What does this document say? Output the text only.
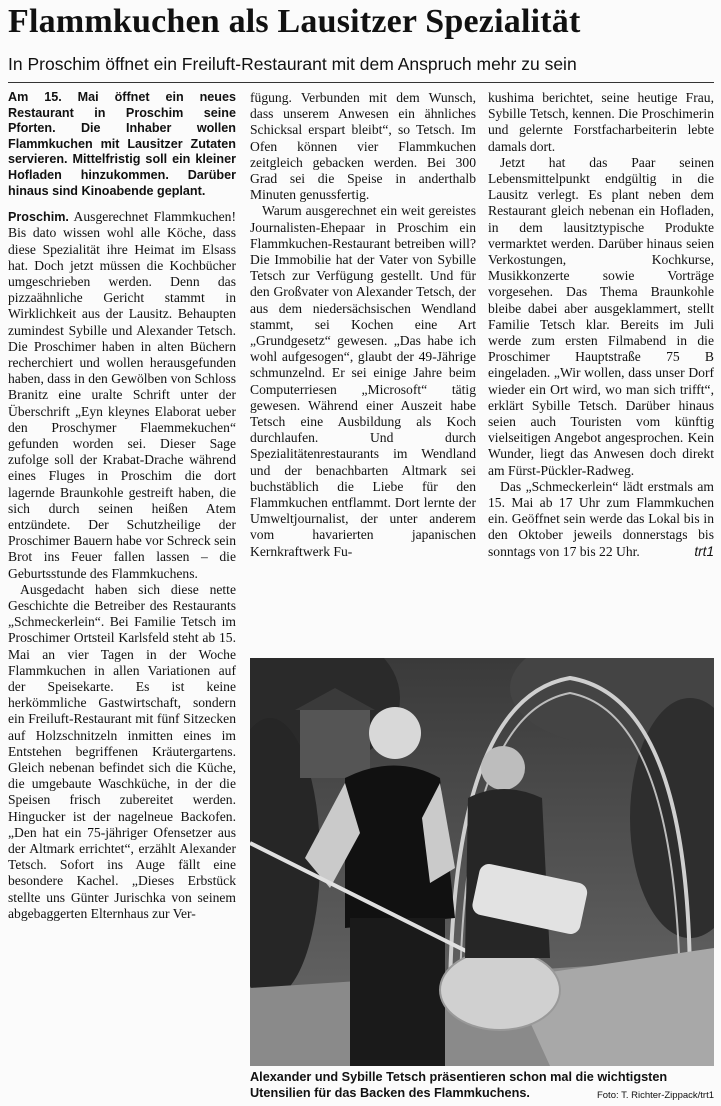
Flammkuchen als Lausitzer Spezialität
In Proschim öffnet ein Freiluft-Restaurant mit dem Anspruch mehr zu sein
Am 15. Mai öffnet ein neues Restaurant in Proschim seine Pforten. Die Inhaber wollen Flammkuchen mit Lausitzer Zutaten servieren. Mittelfristig soll ein kleiner Hofladen hinzukommen. Darüber hinaus sind Kinoabende geplant.

Proschim. Ausgerechnet Flammkuchen! Bis dato wissen wohl alle Köche, dass diese Spezialität ihre Heimat im Elsass hat. Doch jetzt müssen die Kochbücher umgeschrieben werden. Denn das pizzaähnliche Gericht stammt in Wirklichkeit aus der Lausitz. Behaupten zumindest Sybille und Alexander Tetsch. Die Proschimer haben in alten Büchern recherchiert und wollen herausgefunden haben, dass in den Gewölben von Schloss Branitz eine uralte Schrift unter der Überschrift „Eyn kleynes Elaborat ueber den Proschymer Flaemmekuchen“ gefunden worden sei. Dieser Sage zufolge soll der Krabat-Drache während eines Fluges in Proschim die dort lagernde Braunkohle gestreift haben, die sich durch seinen heißen Atem entzündete. Der Schutzheilige der Proschimer Bauern habe vor Schreck sein Brot ins Feuer fallen lassen – die Geburtsstunde des Flammkuchens.

Ausgedacht haben sich diese nette Geschichte die Betreiber des Restaurants „Schmeckerlein“. Bei Familie Tetsch im Proschimer Ortsteil Karlsfeld steht ab 15. Mai an vier Tagen in der Woche Flammkuchen in allen Variationen auf der Speisekarte. Es ist keine herkömmliche Gastwirtschaft, sondern ein Freiluft-Restaurant mit fünf Sitzecken auf Holzschnitzeln inmitten eines im Entstehen begriffenen Kräutergartens. Gleich nebenan befindet sich die Küche, die umgebaute Waschküche, in der die Speisen frisch zubereitet werden. Hingucker ist der nagelneue Backofen. „Den hat ein 75-jähriger Ofensetzer aus der Altmark errichtet“, erzählt Alexander Tetsch. Sofort ins Auge fällt eine besondere Kachel. „Dieses Erbstück stellte uns Günter Jurischka von seinem abgebaggerten Elternhaus zur Ver-

fügung. Verbunden mit dem Wunsch, dass unserem Anwesen ein ähnliches Schicksal erspart bleibt“, so Tetsch. Im Ofen können vier Flammkuchen zeitgleich gebacken werden. Bei 300 Grad sei die Speise in anderthalb Minuten genussfertig.

Warum ausgerechnet ein weit gereistes Journalisten-Ehepaar in Proschim ein Flammkuchen-Restaurant betreiben will? Die Immobilie hat der Vater von Sybille Tetsch zur Verfügung gestellt. Und für den Großvater von Alexander Tetsch, der aus dem niedersächsischen Wendland stammt, sei Kochen eine Art „Grundgesetz“ gewesen. „Das habe ich wohl aufgesogen“, glaubt der 49-Jährige schmunzelnd. Er sei einige Jahre beim Computerriesen „Microsoft“ tätig gewesen. Während einer Auszeit habe Tetsch eine Ausbildung als Koch durchlaufen. Und durch Spezialitätenrestaurants im Wendland und der benachbarten Altmark sei buchstäblich die Liebe für den Flammkuchen entflammt. Dort lernte der Umweltjournalist, der unter anderem vom havarierten japanischen Kernkraftwerk Fu-

kushima berichtet, seine heutige Frau, Sybille Tetsch, kennen. Die Proschimerin und gelernte Forstfacharbeiterin lebte damals dort.

Jetzt hat das Paar seinen Lebensmittelpunkt endgültig in die Lausitz verlegt. Es plant neben dem Restaurant gleich nebenan ein Hofladen, in dem lausitztypische Produkte vermarktet werden. Darüber hinaus seien Verkostungen, Kochkurse, Musikkonzerte sowie Vorträge vorgesehen. Das Thema Braunkohle bleibe dabei aber ausgeklammert, stellt Familie Tetsch klar. Bereits im Juli werde zum ersten Filmabend in die Proschimer Hauptstraße 75 B eingeladen. „Wir wollen, dass unser Dorf wieder ein Ort wird, wo man sich trifft“, erklärt Sybille Tetsch. Darüber hinaus seien auch Touristen vom künftig vielseitigen Angebot angesprochen. Kein Wunder, liegt das Anwesen doch direkt am Fürst-Pückler-Radweg.

Das „Schmeckerlein“ lädt erstmals am 15. Mai ab 17 Uhr zum Flammkuchen ein. Geöffnet sein werde das Lokal bis in den Oktober jeweils donnerstags bis sonntags von 17 bis 22 Uhr.	trt1

Alexander und Sybille Tetsch präsentieren schon mal die wichtigsten Utensilien für das Backen des Flammkuchens.	Foto: T. Richter-Zippack/trt1
